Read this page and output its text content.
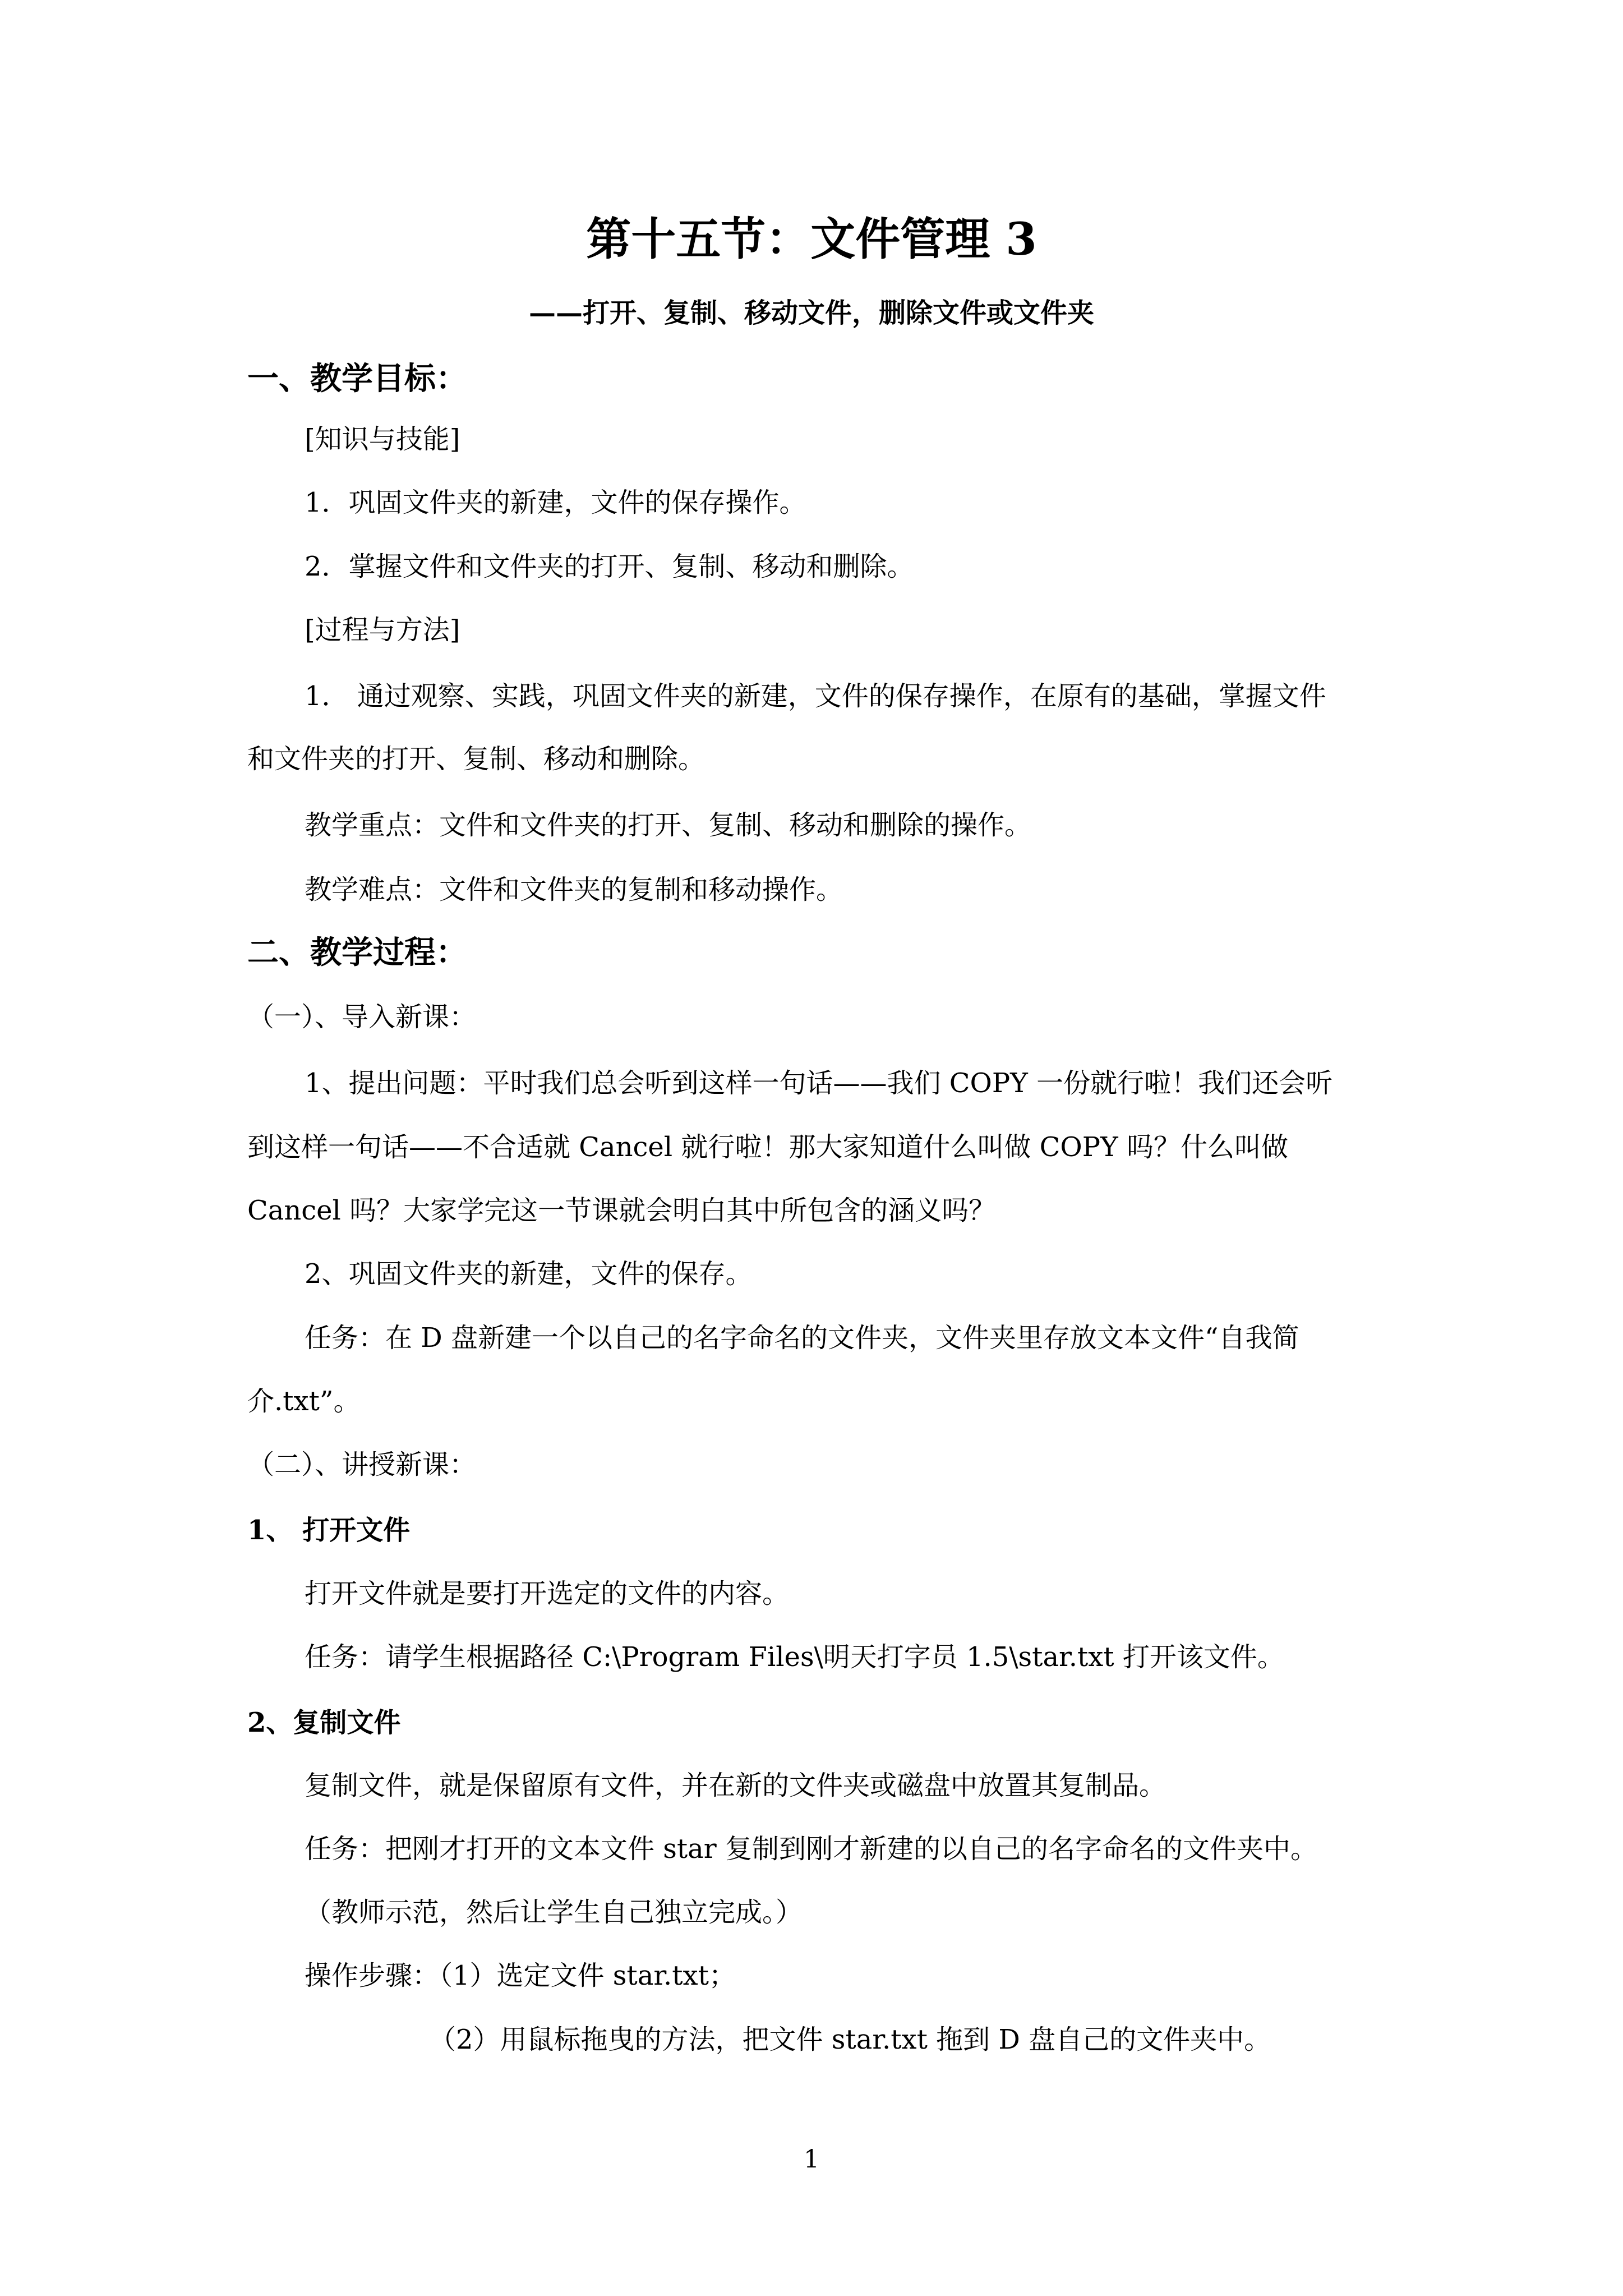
第十五节：文件管理 3
——打开、复制、移动文件，删除文件或文件夹
一、教学目标：
[知识与技能]
1．巩固文件夹的新建，文件的保存操作。
2．掌握文件和文件夹的打开、复制、移动和删除。
[过程与方法]
1． 通过观察、实践，巩固文件夹的新建，文件的保存操作，在原有的基础，掌握文件
和文件夹的打开、复制、移动和删除。
教学重点：文件和文件夹的打开、复制、移动和删除的操作。
教学难点：文件和文件夹的复制和移动操作。
二、教学过程：
（一）、导入新课：
1、提出问题：平时我们总会听到这样一句话——我们 COPY 一份就行啦！我们还会听
到这样一句话——不合适就 Cancel 就行啦！那大家知道什么叫做 COPY 吗？什么叫做
Cancel 吗？大家学完这一节课就会明白其中所包含的涵义吗？
2、巩固文件夹的新建，文件的保存。
任务：在 D 盘新建一个以自己的名字命名的文件夹，文件夹里存放文本文件“自我简
介.txt”。
（二）、讲授新课：
1、 打开文件
打开文件就是要打开选定的文件的内容。
任务：请学生根据路径 C:\Program Files\明天打字员 1.5\star.txt 打开该文件。
2、复制文件
复制文件，就是保留原有文件，并在新的文件夹或磁盘中放置其复制品。
任务：把刚才打开的文本文件 star 复制到刚才新建的以自己的名字命名的文件夹中。
（教师示范，然后让学生自己独立完成。）
操作步骤：（1）选定文件 star.txt；
（2）用鼠标拖曳的方法，把文件 star.txt 拖到 D 盘自己的文件夹中。
1
